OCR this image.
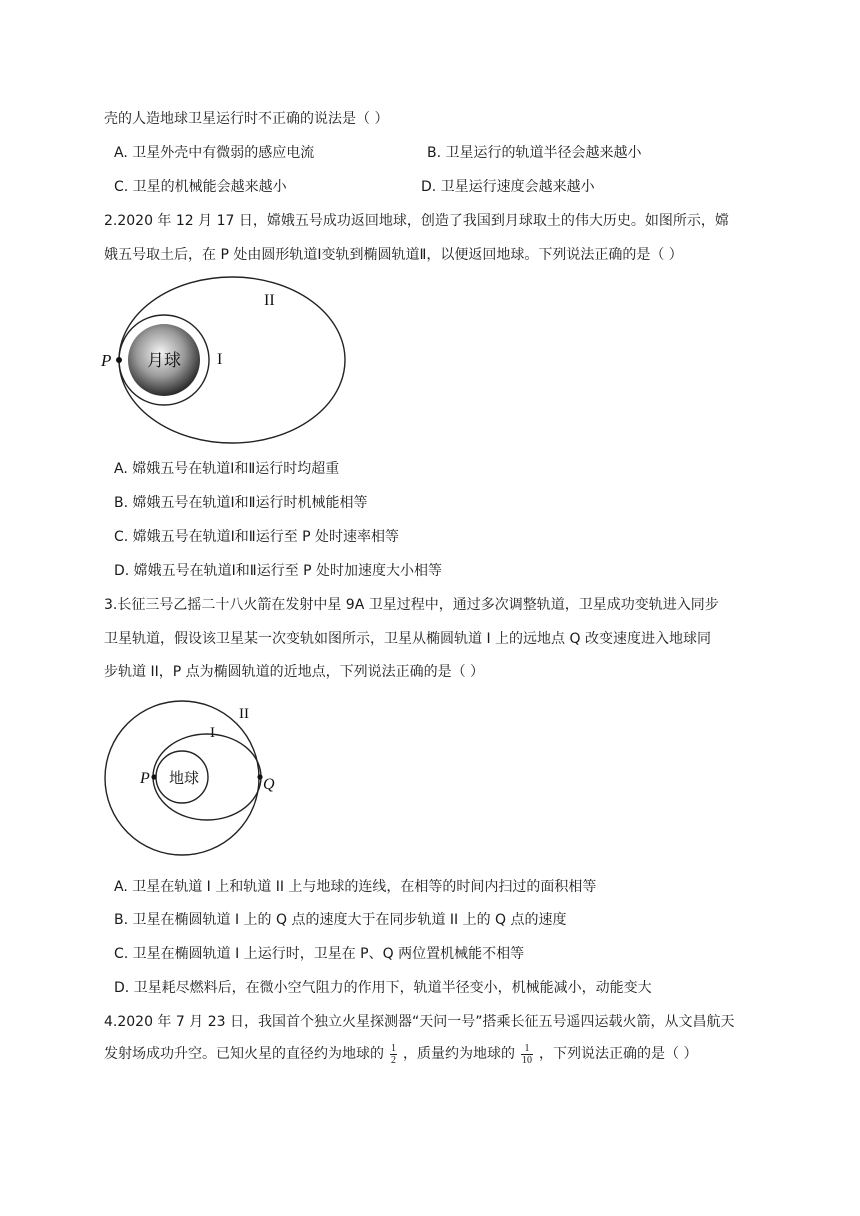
壳的人造地球卫星运行时不正确的说法是（ ）
A. 卫星外壳中有微弱的感应电流	B. 卫星运行的轨道半径会越来越小
C. 卫星的机械能会越来越小	D. 卫星运行速度会越来越小
2.2020 年 12 月 17 日，嫦娥五号成功返回地球，创造了我国到月球取土的伟大历史。如图所示，嫦
娥五号取土后，在 P 处由圆形轨道Ⅰ变轨到椭圆轨道Ⅱ，以便返回地球。下列说法正确的是（ ）
月球
P	I
II
A. 嫦娥五号在轨道Ⅰ和Ⅱ运行时均超重
B. 嫦娥五号在轨道Ⅰ和Ⅱ运行时机械能相等
C. 嫦娥五号在轨道Ⅰ和Ⅱ运行至 P 处时速率相等
D. 嫦娥五号在轨道Ⅰ和Ⅱ运行至 P 处时加速度大小相等
3.长征三号乙摇二十八火箭在发射中星 9A 卫星过程中，通过多次调整轨道，卫星成功变轨进入同步
卫星轨道，假设该卫星某一次变轨如图所示，卫星从椭圆轨道 I 上的远地点 Q 改变速度进入地球同
步轨道 II，P 点为椭圆轨道的近地点，下列说法正确的是（ ）
地球
P	Q
I
II
A. 卫星在轨道 I 上和轨道 II 上与地球的连线，在相等的时间内扫过的面积相等
B. 卫星在椭圆轨道 I 上的 Q 点的速度大于在同步轨道 II 上的 Q 点的速度
C. 卫星在椭圆轨道 I 上运行时，卫星在 P、Q 两位置机械能不相等
D. 卫星耗尽燃料后，在微小空气阻力的作用下，轨道半径变小，机械能减小，动能变大
4.2020 年 7 月 23 日，我国首个独立火星探测器“天问一号”搭乘长征五号遥四运载火箭，从文昌航天
发射场成功升空。已知火星的直径约为地球的 $\frac{1}{2}$ ，质量约为地球的 $\frac{1}{10}$ ，下列说法正确的是（ ）
